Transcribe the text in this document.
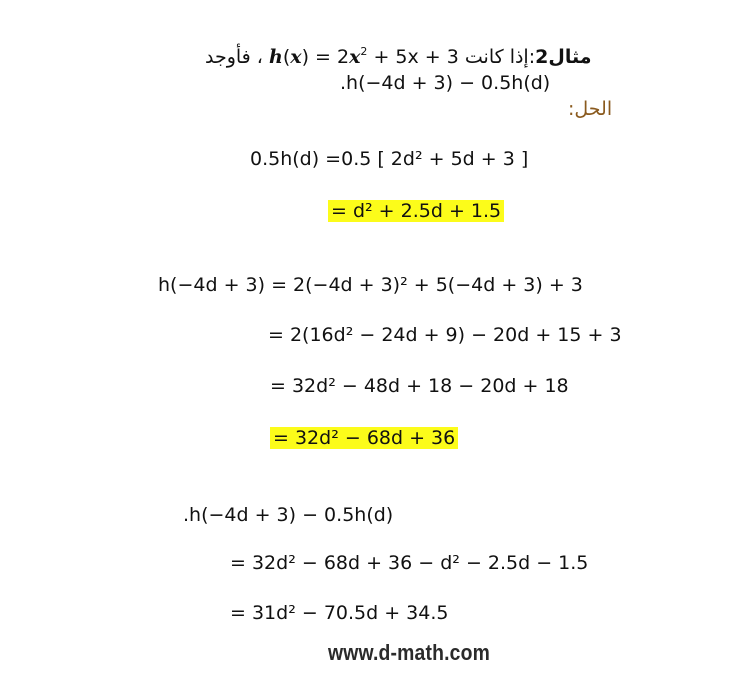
، فأوجد $h(x) = 2x^2 + 5x + 3$ إذا كانت:مثال2
.h(−4d + 3) − 0.5h(d)
الحل:
0.5h(d) =0.5 [ 2d² + 5d + 3 ]
= d² + 2.5d + 1.5
h(−4d + 3) = 2(−4d + 3)² + 5(−4d + 3) + 3
= 2(16d² − 24d + 9) − 20d + 15 + 3
= 32d² − 48d + 18 − 20d + 18
= 32d² − 68d + 36
.h(−4d + 3) − 0.5h(d)
= 32d² − 68d + 36 − d² − 2.5d − 1.5
= 31d² − 70.5d + 34.5
www.d-math.com
